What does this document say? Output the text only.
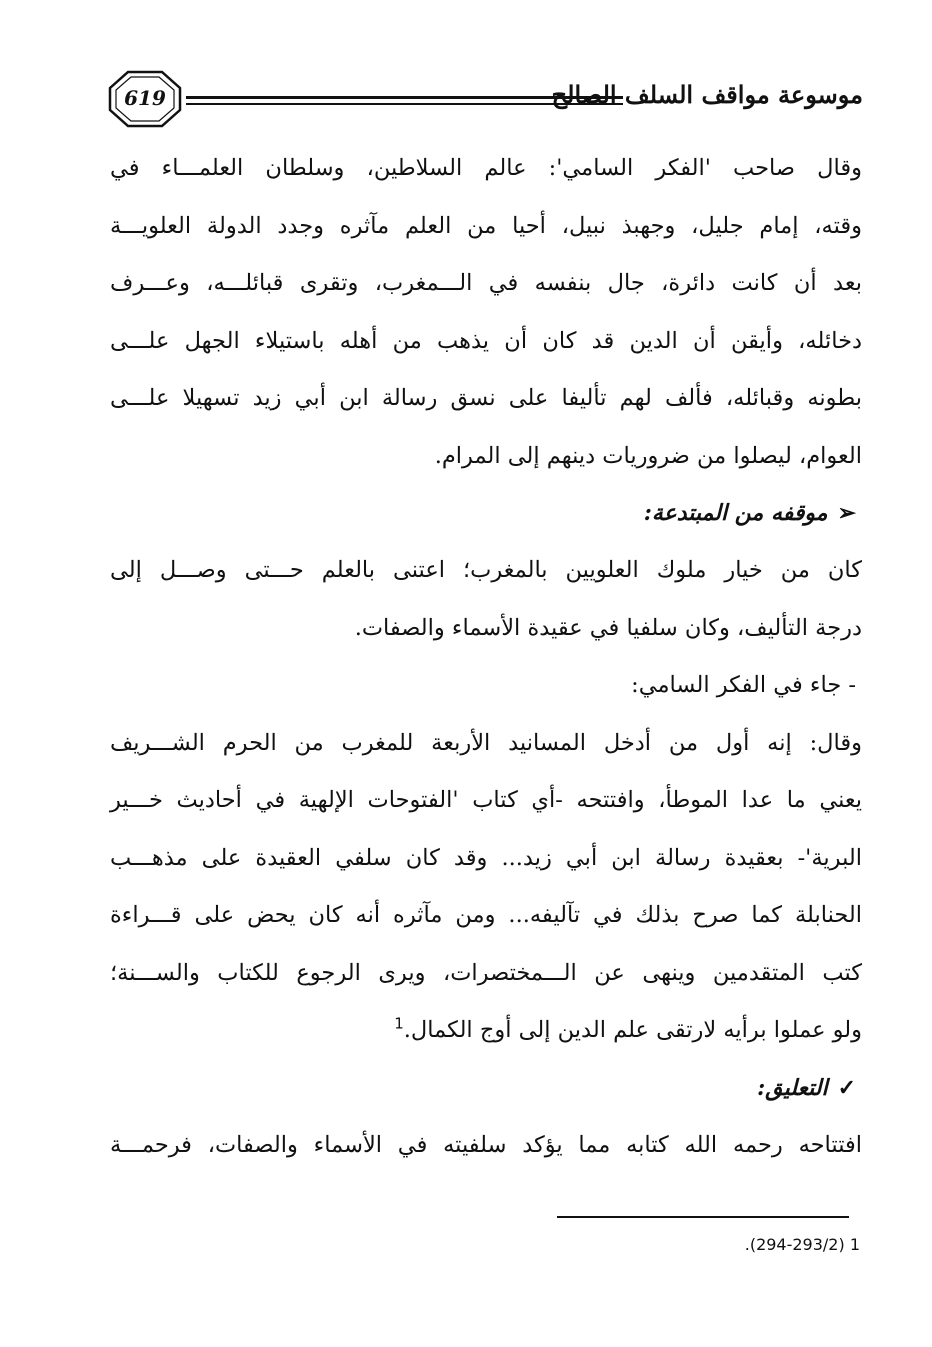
619	موسوعة مواقف السلف الصالح
وقال صاحب 'الفكر السامي': عالم السلاطين، وسلطان العلمـــاء في
وقته، إمام جليل، وجهبذ نبيل، أحيا من العلم مآثره وجدد الدولة العلويـــة
بعد أن كانت دائرة، جال بنفسه في الـــمغرب، وتقرى قبائلـــه، وعـــرف
دخائله، وأيقن أن الدين قد كان أن يذهب من أهله باستيلاء الجهل علـــى
بطونه وقبائله، فألف لهم تأليفا على نسق رسالة ابن أبي زيد تسهيلا علـــى
العوام، ليصلوا من ضروريات دينهم إلى المرام.
➢موقفه من المبتدعة:
كان من خيار ملوك العلويين بالمغرب؛ اعتنى بالعلم حـــتى وصـــل إلى
درجة التأليف، وكان سلفيا في عقيدة الأسماء والصفات.
- جاء في الفكر السامي:
وقال: إنه أول من أدخل المسانيد الأربعة للمغرب من الحرم الشـــريف
يعني ما عدا الموطأ، وافتتحه -أي كتاب 'الفتوحات الإلهية في أحاديث خـــير
البرية'- بعقيدة رسالة ابن أبي زيد... وقد كان سلفي العقيدة على مذهـــب
الحنابلة كما صرح بذلك في تآليفه... ومن مآثره أنه كان يحض على قـــراءة
كتب المتقدمين وينهى عن الـــمختصرات، ويرى الرجوع للكتاب والســـنة؛
ولو عملوا برأيه لارتقى علم الدين إلى أوج الكمال.$^1$
✓التعليق:
افتتاحه رحمه الله كتابه مما يؤكد سلفيته في الأسماء والصفات، فرحمـــة
.(294-293/2) 1
